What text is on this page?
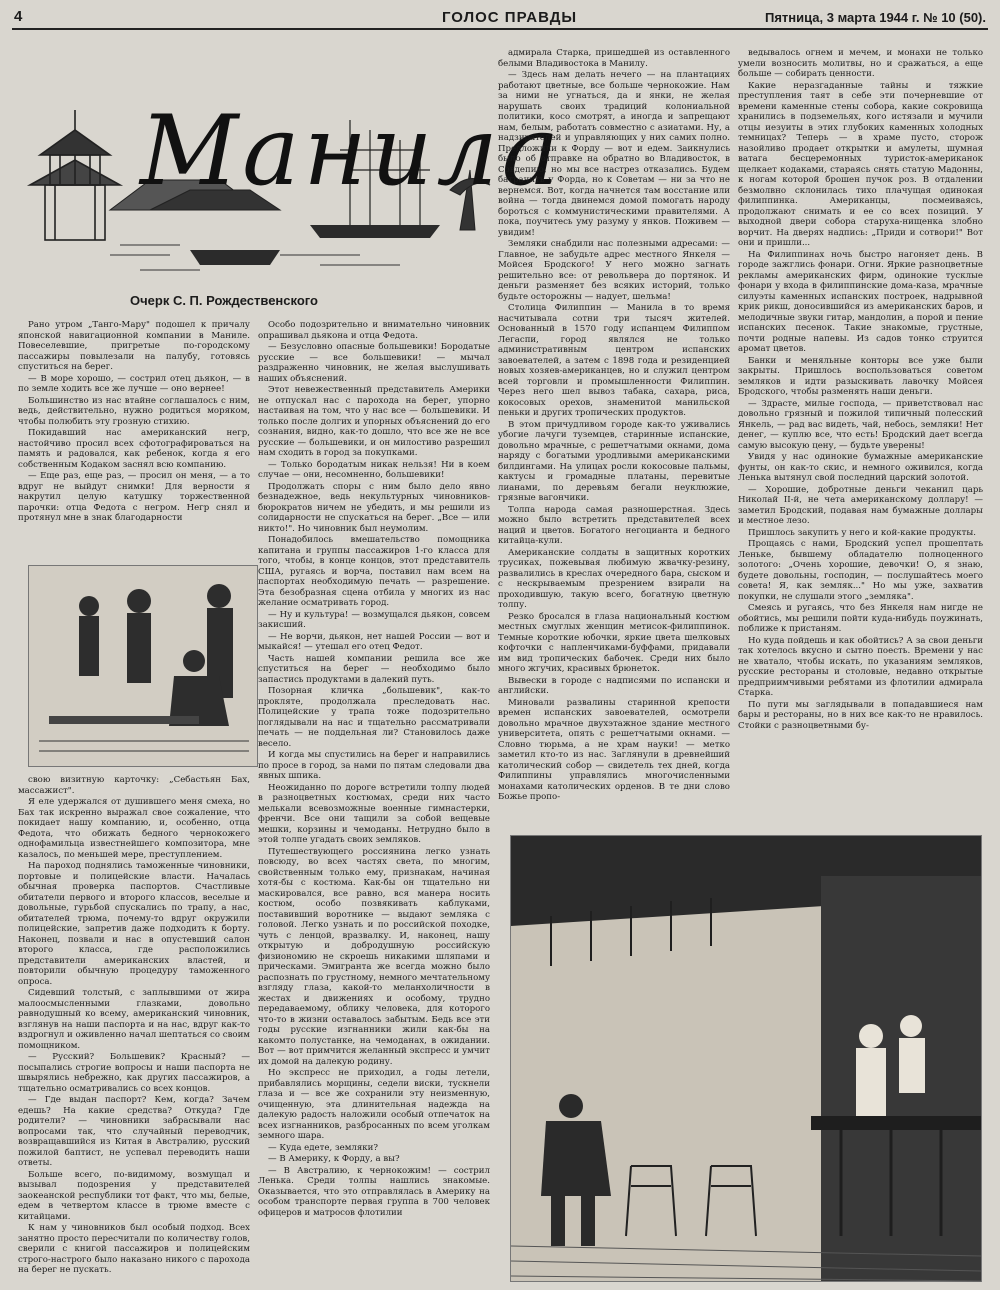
4	ГОЛОС ПРАВДЫ	Пятница, 3 марта 1944 г. № 10 (50).
Манила
Очерк С. П. Рождественского

Рано утром „Танго-Мару" подошел к причалу японской навигационной компании в Маниле. Повеселевшие, пригретые по-городскому пассажиры повылезали на палубу, готовясь спуститься на берег.

— В море хорошо, — сострил отец дьякон, — в по земле ходить все же лучше — оно вернее!

Большинство из нас втайне соглашалось с ним, ведь, действительно, нужно родиться моряком, чтобы полюбить эту грозную стихию.

Покидавший нас американский негр, настойчиво просил всех сфотографироваться на память и радовался, как ребенок, когда я его собственным Кодаком заснял всю компанию.

— Еще раз, еще раз, — просил он меня, — а то вдруг не выйдут снимки! Для верности я накрутил целую катушку торжественной парочки: отца Федота с негром. Негр снял и протянул мне в знак благодарности

свою визитную карточку: „Себастьян Бах, массажист".

Я еле удержался от душившего меня смеха, но Бах так искренно выражал свое сожаление, что покидает нашу компанию, и, особенно, отца Федота, что обижать бедного чернокожего однофамильца известнейшего композитора, мне казалось, по меньшей мере, преступлением.

На пароход поднялись таможенные чиновники, портовые и полицейские власти. Началась обычная проверка паспортов. Счастливые обитатели первого и второго классов, веселые и довольные, гурьбой спускались по трапу, а нас, обитателей трюма, почему-то вдруг окружили полицейские, запретив даже подходить к борту. Наконец, позвали и нас в опустевший салон второго класса, где расположились представители американских властей, и повторили обычную процедуру таможенного опроса.

Сидевший толстый, с заплывшими от жира малоосмысленными глазками, довольно равнодушный ко всему, американский чиновник, взглянув на наши паспорта и на нас, вдруг как-то вздрогнул и оживленно начал шептаться со своим помощником.

— Русский? Большевик? Красный? — посыпались строгие вопросы и наши паспорта не швырялись небрежно, как других пассажиров, а тщательно осматривались со всех концов.

— Где выдан паспорт? Кем, когда? Зачем едешь? На какие средства? Откуда? Где родители? — чиновники забрасывали нас вопросами так, что случайный переводчик, возвращавшийся из Китая в Австралию, русский пожилой баптист, не успевал переводить наши ответы.

Больше всего, по-видимому, возмущал и вызывал подозрения у представителей заокеанской республики тот факт, что мы, белые, едем в четвертом классе в трюме вместе с китайцами.

К нам у чиновников был особый подход. Всех занятно просто пересчитали по количеству голов, сверили с книгой пассажиров и полицейским строго-настрого было наказано никого с парохода на берег не пускать.

Особо подозрительно и внимательно чиновник опрашивал дьякона и отца Федота.

— Безусловно опасные большевики! Бородатые русские — все большевики! — мычал раздраженно чиновник, не желая выслушивать наших объяснений.

Этот невежественный представитель Америки не отпускал нас с парохода на берег, упорно настаивая на том, что у нас все — большевики. И только после долгих и упорных объяснений до его сознания, видно, как-то дошло, что все же не все русские — большевики, и он милостиво разрешил нам сходить в город за покупками.

— Только бородатым никак нельзя! Ни в коем случае — они, несомненно, большевики!

Продолжать споры с ним было дело явно безнадежное, ведь некультурных чиновников-бюрократов ничем не убедить, и мы решили из солидарности не спускаться на берег. „Все — или никто!". Но чиновник был неумолим.

Понадобилось вмешательство помощника капитана и группы пассажиров 1-го класса для того, чтобы, в конце концов, этот представитель США, ругаясь и ворча, поставил нам всем на паспортах необходимую печать — разрешение. Эта безобразная сцена отбила у многих из нас желание осматривать город.

— Ну и культура! — возмущался дьякон, совсем закисший.

— Не ворчи, дьякон, нет нашей России — вот и мыкайся! — утешал его отец Федот.

Часть нашей компании решила все же спуститься на берег — необходимо было запастись продуктами в далекий путь.

Позорная кличка „большевик", как-то прокляте, продолжала преследовать нас. Полицейские у трапа тоже подозрительно поглядывали на нас и тщательно рассматривали печать — не поддельная ли? Становилось даже весело.

И когда мы спустились на берег и направились по просе в город, за нами по пятам следовали два явных шпика.

Неожиданно по дороге встретили толпу людей в разноцветных костюмах, среди них часто мелькали всевозможные военные гимнастерки, френчи. Все они тащили за собой вещевые мешки, корзины и чемоданы. Нетрудно было в этой толпе угадать своих земляков.

Путешествующего россиянина легко узнать повсюду, во всех частях света, по многим, свойственным только ему, признакам, начиная хотя-бы с костюма. Как-бы он тщательно ни маскировался, все равно, вся манера носить костюм, особо позвякивать каблуками, поставивший воротнике — выдают земляка с головой. Легко узнать и по российской походке, чуть с ленцой, вразвалку. И, наконец, нашу открытую и добродушную российскую физиономию не скроешь никакими шляпами и прическами. Эмигранта же всегда можно было распознать по грустному, немного мечтательному взгляду глаза, какой-то меланхоличности в жестах и движениях и особому, трудно передаваемому, облику человека, для которого что-то в жизни оставалось забытым. Бедь все эти годы русские изгнанники жили как-бы на какомто полустанке, на чемоданах, в ожидании. Вот — вот примчится желанный экспресс и умчит их домой на далекую родину.

Но экспресс не приходил, а годы летели, прибавлялись морщины, седели виски, тускнели глаза и — все же сохранили эту неизменную, очищенную, эта длинительная надежда на далекую радость наложили особый отпечаток на всех изгнанников, разбросанных по всем уголкам земного шара.

— Куда едете, земляки?

— В Америку, к Форду, а вы?

— В Австралию, к чернокожим! — сострил Ленька. Среди толпы нашлись знакомые. Оказывается, что это отправлялась в Америку на особом транспорте первая группа в 700 человек офицеров и матросов флотилии

адмирала Старка, пришедшей из оставленного белыми Владивостока в Манилу.

— Здесь нам делать нечего — на плантациях работают цветные, все больше чернокожие. Нам за ними не угнаться, да и янки, не желая нарушать своих традиций колониальной политики, косо смотрят, а иногда и запрещают нам, белым, работать совместно с азиатами. Ну, а надзирателей и управляющих у них самих полно. Предложили к Форду — вот и едем. Заикнулись было об отправке на обратно во Владивосток, в Совдепию, но мы все настрез отказались. Будем батрачить у Форда, но к Советам — ни за что не вернемся. Вот, когда начнется там восстание или война — тогда двинемся домой помогать народу бороться с коммунистическими правителями. А пока, поучитесь уму разуму у янков. Поживем — увидим!

Земляки снабдили нас полезными адресами: — Главное, не забудьте адрес местного Янкеля — Мойсея Бродского! У него можно загнать решительно все: от револьвера до портянок. И деньги разменяет без всяких историй, только будьте осторожны — надует, шельма!

Столица Филиппин — Манила в то время насчитывала сотни три тысяч жителей. Основанный в 1570 году испанцем Филиппом Легаспи, город являлся не только административным центром испанских завоевателей, а затем с 1898 года и резиденцией новых хозяев-американцев, но и служил центром всей торговли и промышленности Филиппин. Через него шел вывоз табака, сахара, риса, кокосовых орехов, знаменитой манильской пеньки и других тропических продуктов.

В этом причудливом городе как-то уживались убогие лачуги туземцев, старинные испанские, довольно мрачные, с решетчатыми окнами, дома наряду с богатыми уродливыми американскими билдингами. На улицах росли кокосовые пальмы, кактусы и громадные платаны, перевитые лианами, по деревьям бегали неуклюжие, грязные вагончики.

Толпа народа самая разношерстная. Здесь можно было встретить представителей всех наций и цветов. Богатого негоцианта и бедного китайца-кули.

Американские солдаты в защитных коротких трусиках, пожевывая любимую жвачку-резину, развалились в креслах очередного бара, сыском и с нескрываемым презрением взирали на проходившую, такую всего, богатную цветную толпу.

Резко бросался в глаза национальный костюм местных смуглых женщин метисок-филиппинок. Темные короткие юбочки, яркие цвета шелковых кофточки с напленчиками-буффами, придавали им вид тропических бабочек. Среди них было много жгучих, красивых брюнеток.

Вывески в городе с надписями по испански и английски.

Миновали развалины старинной крепости времен испанских завоевателей, осмотрели довольно мрачное двухэтажное здание местного университета, опять с решетчатыми окнами. — Словно тюрьма, а не храм науки! — метко заметил кто-то из нас. Заглянули в древнейший католический собор — свидетель тех дней, когда Филиппины управлялись многочисленными монахами католических орденов. В те дни слово Божье пропо-

ведывалось огнем и мечем, и монахи не только умели возносить молитвы, но и сражаться, а еще больше — собирать ценности.

Какие неразгаданные тайны и тяжкие преступления таят в себе эти почерневшие от времени каменные стены собора, какие сокровища хранились в подземельях, кого истязали и мучили отцы иезуиты в этих глубоких каменных холодных темницах? Теперь — в храме пусто, сторож назойливо продает открытки и амулеты, шумная ватага бесцеремонных туристок-американок щелкает кодаками, стараясь снять статую Мадонны, к ногам которой брошен пучок роз. В отдалении безмолвно склонилась тихо плачущая одинокая филиппинка. Американцы, посмеиваясь, продолжают снимать и ее со всех позиций. У выходной двери собора старуха-нищенка злобно ворчит. На дверях надпись: „Приди и сотвори!" Вот они и пришли...

На Филиппинах ночь быстро нагоняет день. В городе зажглись фонари. Огни. Яркие разноцветные рекламы американских фирм, одинокие тусклые фонари у входа в филиппинские дома-каза, мрачные силуэты каменных испанских построек, надрывной крик рикш, доносившийся из американских баров, и мелодичные звуки гитар, мандолин, а порой и пение испанских песенок. Такие знакомые, грустные, почти родные напевы. Из садов тонко струится аромат цветов.

Банки и меняльные конторы все уже были закрыты. Пришлось воспользоваться советом земляков и идти разыскивать лавочку Мойсея Бродского, чтобы разменять наши деньги.

— Здрасте, милые господа, — приветствовал нас довольно грязный и пожилой типичный полесский Янкель, — рад вас видеть, чай, небось, земляки! Нет денег, — куплю все, что есть! Бродский дает всегда самую высокую цену, — будьте уверены!

Увидя у нас одинокие бумажные американские фунты, он как-то скис, и немного оживился, когда Ленька вытянул свой последний царский золотой.

— Хорошие, добротные деньги чеканил царь Николай II-й, не чета американскому доллару! — заметил Бродский, подавая нам бумажные доллары и местное лезо.

Пришлось закупить у него и кой-какие продукты.

Прощаясь с нами, Бродский успел прошептать Леньке, бывшему обладателю полноценного золотого: „Очень хорошие, девочки! О, я знаю, будете довольны, господин, — послушайтесь моего совета! Я, как земляк..." Но мы уже, захватив покупки, не слушали этого „земляка".

Смеясь и ругаясь, что без Янкеля нам нигде не обойтись, мы решили пойти куда-нибудь поужинать, поближе к пристаням.

Но куда пойдешь и как обойтись? А за свои деньги так хотелось вкусно и сытно поесть. Времени у нас не хватало, чтобы искать, по указаниям земляков, русские рестораны и столовые, недавно открытые предприимчивыми ребятами из флотилии адмирала Старка.

По пути мы заглядывали в попадавшиеся нам бары и рестораны, но в них все как-то не нравилось. Стойки с разноцветными бу-
